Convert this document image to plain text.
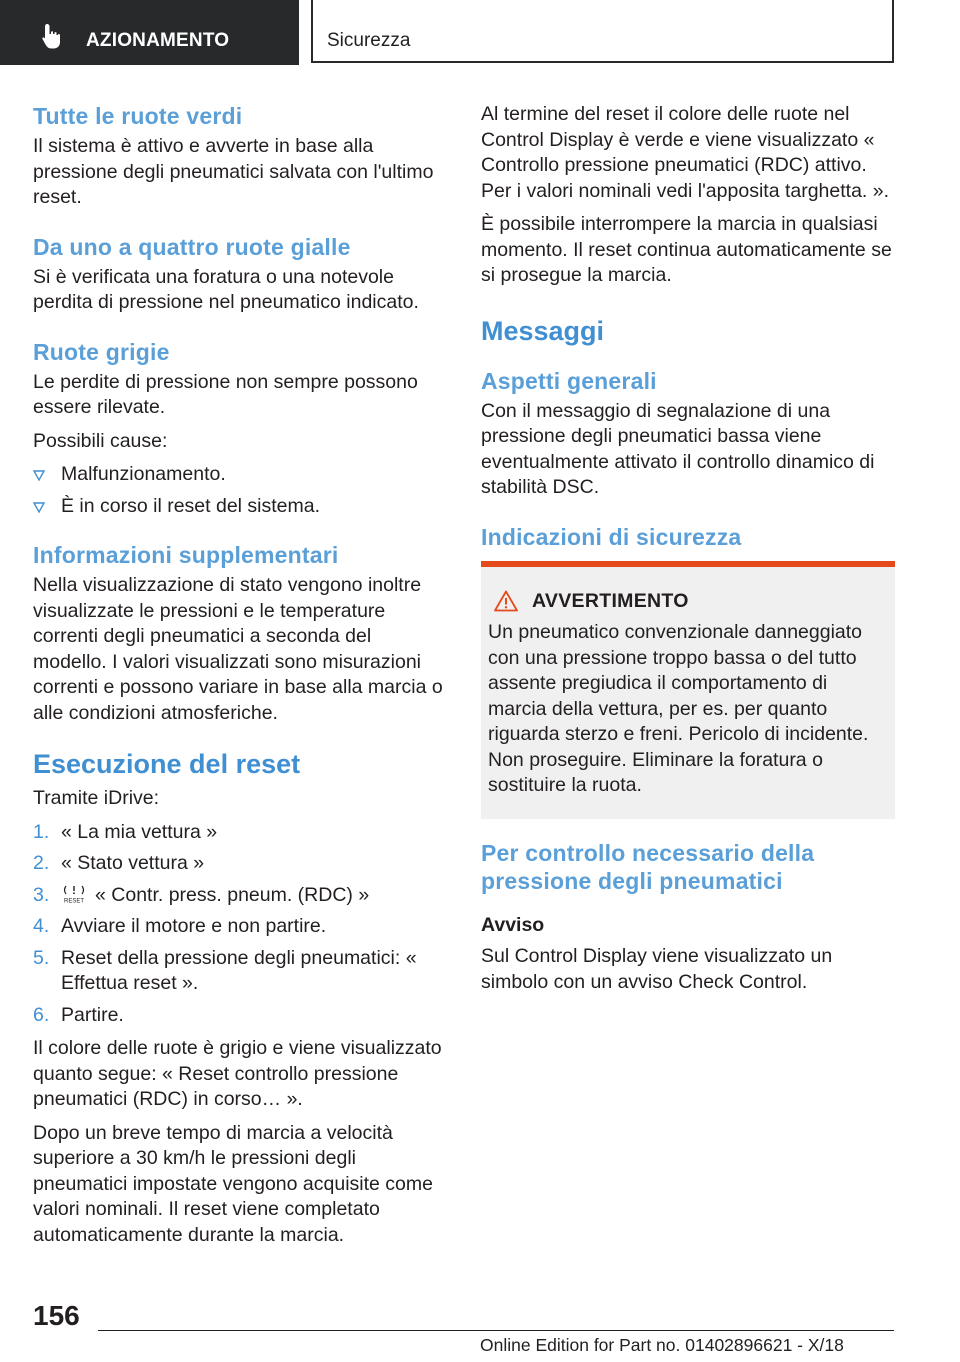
AZIONAMENTO	Sicurezza
Tutte le ruote verdi

Il sistema è attivo e avverte in base alla pressione degli pneumatici salvata con l'ultimo reset.

Da uno a quattro ruote gialle

Si è verificata una foratura o una notevole perdita di pressione nel pneumatico indicato.

Ruote grigie

Le perdite di pressione non sempre possono essere rilevate.

Possibili cause:

Malfunzionamento.
È in corso il reset del sistema.
Informazioni supplementari

Nella visualizzazione di stato vengono inoltre visualizzate le pressioni e le temperature correnti degli pneumatici a seconda del modello. I valori visualizzati sono misurazioni correnti e possono variare in base alla marcia o alle condizioni atmosferiche.

Esecuzione del reset

Tramite iDrive:

1. « La mia vettura »
2. « Stato vettura »
3. RESET « Contr. press. pneum. (RDC) »
4. Avviare il motore e non partire.
5. Reset della pressione degli pneumatici: « Effettua reset ».
6. Partire.

Il colore delle ruote è grigio e viene visualizzato quanto segue: « Reset controllo pressione pneumatici (RDC) in corso… ».

Dopo un breve tempo di marcia a velocità superiore a 30 km/h le pressioni degli pneumatici impostate vengono acquisite come valori nominali. Il reset viene completato automaticamente durante la marcia.

Al termine del reset il colore delle ruote nel Control Display è verde e viene visualizzato « Controllo pressione pneumatici (RDC) attivo. Per i valori nominali vedi l'apposita targhetta. ».

È possibile interrompere la marcia in qualsiasi momento. Il reset continua automaticamente se si prosegue la marcia.

Messaggi
Aspetti generali

Con il messaggio di segnalazione di una pressione degli pneumatici bassa viene eventualmente attivato il controllo dinamico di stabilità DSC.

Indicazioni di sicurezza
AVVERTIMENTO
Un pneumatico convenzionale danneggiato con una pressione troppo bassa o del tutto assente pregiudica il comportamento di marcia della vettura, per es. per quanto riguarda sterzo e freni. Pericolo di incidente. Non proseguire. Eliminare la foratura o sostituire la ruota.
Per controllo necessario della pressione degli pneumatici
Avviso

Sul Control Display viene visualizzato un simbolo con un avviso Check Control.

156
Online Edition for Part no. 01402896621 - X/18
